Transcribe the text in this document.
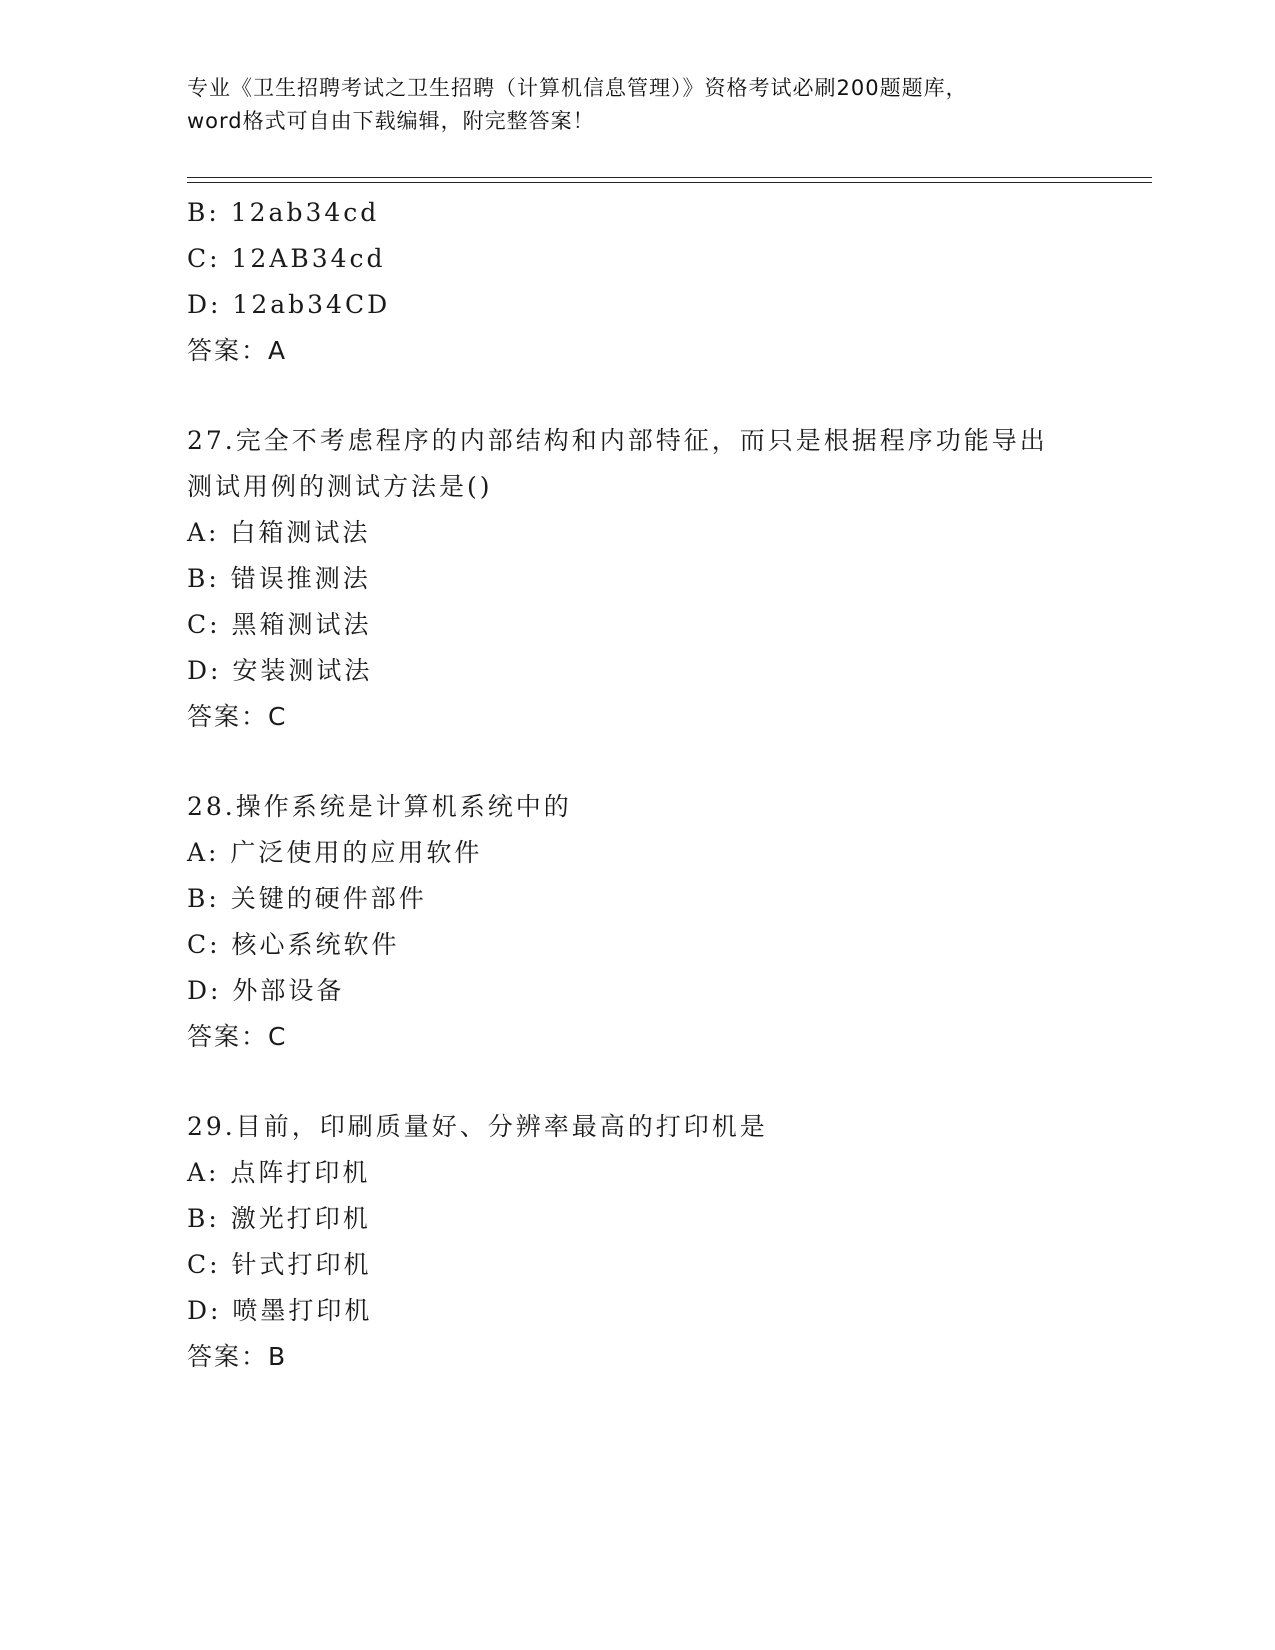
专业《卫生招聘考试之卫生招聘（计算机信息管理）》资格考试必刷200题题库，
word格式可自由下载编辑，附完整答案！
B: 12ab34cd
C: 12AB34cd
D: 12ab34CD
答案：A
27.完全不考虑程序的内部结构和内部特征，而只是根据程序功能导出
测试用例的测试方法是()
A: 白箱测试法
B: 错误推测法
C: 黑箱测试法
D: 安装测试法
答案：C
28.操作系统是计算机系统中的
A: 广泛使用的应用软件
B: 关键的硬件部件
C: 核心系统软件
D: 外部设备
答案：C
29.目前，印刷质量好、分辨率最高的打印机是
A: 点阵打印机
B: 激光打印机
C: 针式打印机
D: 喷墨打印机
答案：B
